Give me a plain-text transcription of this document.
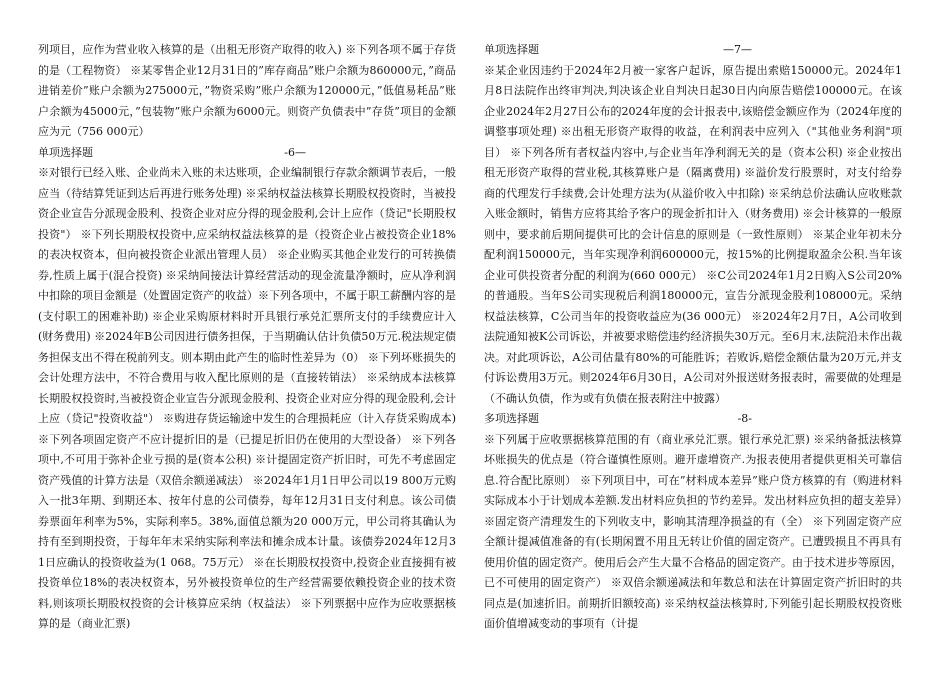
列项目，应作为营业收入核算的是（出租无形资产取得的收入) ※下列各项不属于存货的是（工程物资） ※某零售企业12月31日的”库存商品”账户余额为860000元，”商品进销差价”账户余额为275000元，”物资采购”账户余额为120000元，”低值易耗品”账户余额为45000元，”包装物”账户余额为6000元。则资产负债表中”存货”项目的金额应为元（756 000元）

单项选择题	-6—

※对银行已经入账、企业尚未入账的未达账项，企业编制银行存款余额调节表后，一般应当（待结算凭证到达后再进行账务处理) ※采纳权益法核算长期股权投资时，当被投资企业宣告分派现金股利、投资企业对应分得的现金股利,会计上应作（贷记"长期股权投资"） ※下列长期股权投资中,应采纳权益法核算的是（投资企业占被投资企业18%的表决权资本，但向被投资企业派出管理人员） ※企业购买其他企业发行的可转换债券,性质上属于(混合投资) ※采纳间接法计算经营活动的现金流量净额时，应从净利润中扣除的项目金额是（处置固定资产的收益）※下列各项中，不属于职工薪酬内容的是(支付职工的困难补助) ※企业采购原材料时开具银行承兑汇票所支付的手续费应计入(财务费用) ※2024年B公司因进行债务担保，于当期确认估计负债50万元.税法规定债务担保支出不得在税前列支。则本期由此产生的临时性差异为（0） ※下列坏账损失的会计处理方法中，不符合费用与收入配比原则的是（直接转销法） ※采纳成本法核算长期股权投资时,当被投资企业宣告分派现金股利、投资企业对应分得的现金股利,会计上应（贷记"投资收益"） ※购进存货运输途中发生的合理损耗应（计入存货采购成本) ※下列各项固定资产不应计提折旧的是（已提足折旧仍在使用的大型设备） ※下列各项中,不可用于弥补企业亏损的是(资本公积) ※计提固定资产折旧时，可先不考虑固定资产残值的计算方法是（双倍余额递减法） ※2024年1月1日甲公司以19 800万元购入一批3年期、到期还本、按年付息的公司债券，每年12月31日支付利息。该公司债券票面年利率为5%，实际利率5。38%,面值总额为20 000万元，甲公司将其确认为持有至到期投资，于每年年末采纳实际利率法和摊余成本计量。该债券2024年12月31日应确认的投资收益为(1 068。75万元） ※在长期股权投资中,投资企业直接拥有被投资单位18%的表决权资本，另外被投资单位的生产经营需要依赖投资企业的技术资料,则该项长期股权投资的会计核算应采纳（权益法） ※下列票据中应作为应收票据核算的是（商业汇票)

单项选择题	—7—

※某企业因违约于2024年2月被一家客户起诉，原告提出索赔150000元。2024年1月8日法院作出终审判决,判决该企业自判决日起30日内向原告赔偿100000元。在该企业2024年2月27日公布的2024年度的会计报表中,该赔偿金额应作为（2024年度的调整事项处理) ※出租无形资产取得的收益，在利润表中应列入（"其他业务利润"项目） ※下列各所有者权益内容中,与企业当年净利润无关的是（资本公积) ※企业按出租无形资产取得的营业税,其核算账户是（隔离费用) ※溢价发行股票时，对支付给券商的代理发行手续费,会计处理方法为(从溢价收入中扣除) ※采纳总价法确认应收账款入账金额时，销售方应将其给予客户的现金折扣计入（财务费用) ※会计核算的一般原则中，要求前后期间提供可比的会计信息的原则是（一致性原则） ※某企业年初未分配利润150000元，当年实现净利润600000元，按15%的比例提取盈余公积.当年该企业可供投资者分配的利润为(660 000元） ※C公司2024年1月2日购入S公司20%的普通股。当年S公司实现税后利润180000元，宣告分派现金股利108000元。采纳权益法核算，C公司当年的投资收益应为(36 000元） ※2024年2月7日，A公司收到法院通知被K公司诉讼，并被要求赔偿违约经济损失30万元。至6月末,法院沿未作出裁决。对此项诉讼，A公司估量有80%的可能胜诉；若败诉,赔偿金额估量为20万元,并支付诉讼费用3万元。则2024年6月30日，A公司对外报送财务报表时，需要做的处理是（不确认负债，作为或有负债在报表附注中披露）

多项选择题	-8-

※下列属于应收票据核算范围的有（商业承兑汇票。银行承兑汇票) ※采纳备抵法核算坏账损失的优点是（符合谨慎性原则。避开虚增资产.为报表使用者提供更相关可靠信息.符合配比原则） ※下列项目中，可在”材料成本差异”账户贷方核算的有（购进材料实际成本小于计划成本差额.发出材料应负担的节约差异。发出材料应负担的超支差异）※固定资产清理发生的下列收支中，影响其清理净损益的有（全） ※下列固定资产应全额计提减值准备的有(长期闲置不用且无转让价值的固定资产。已遭毁损且不再具有使用价值的固定资产。使用后会产生大量不合格品的固定资产。由于技术进步等原因，已不可使用的固定资产） ※双倍余额递减法和年数总和法在计算固定资产折旧时的共同点是(加速折旧。前期折旧额较高) ※采纳权益法核算时,下列能引起长期股权投资账面价值增减变动的事项有（计提
